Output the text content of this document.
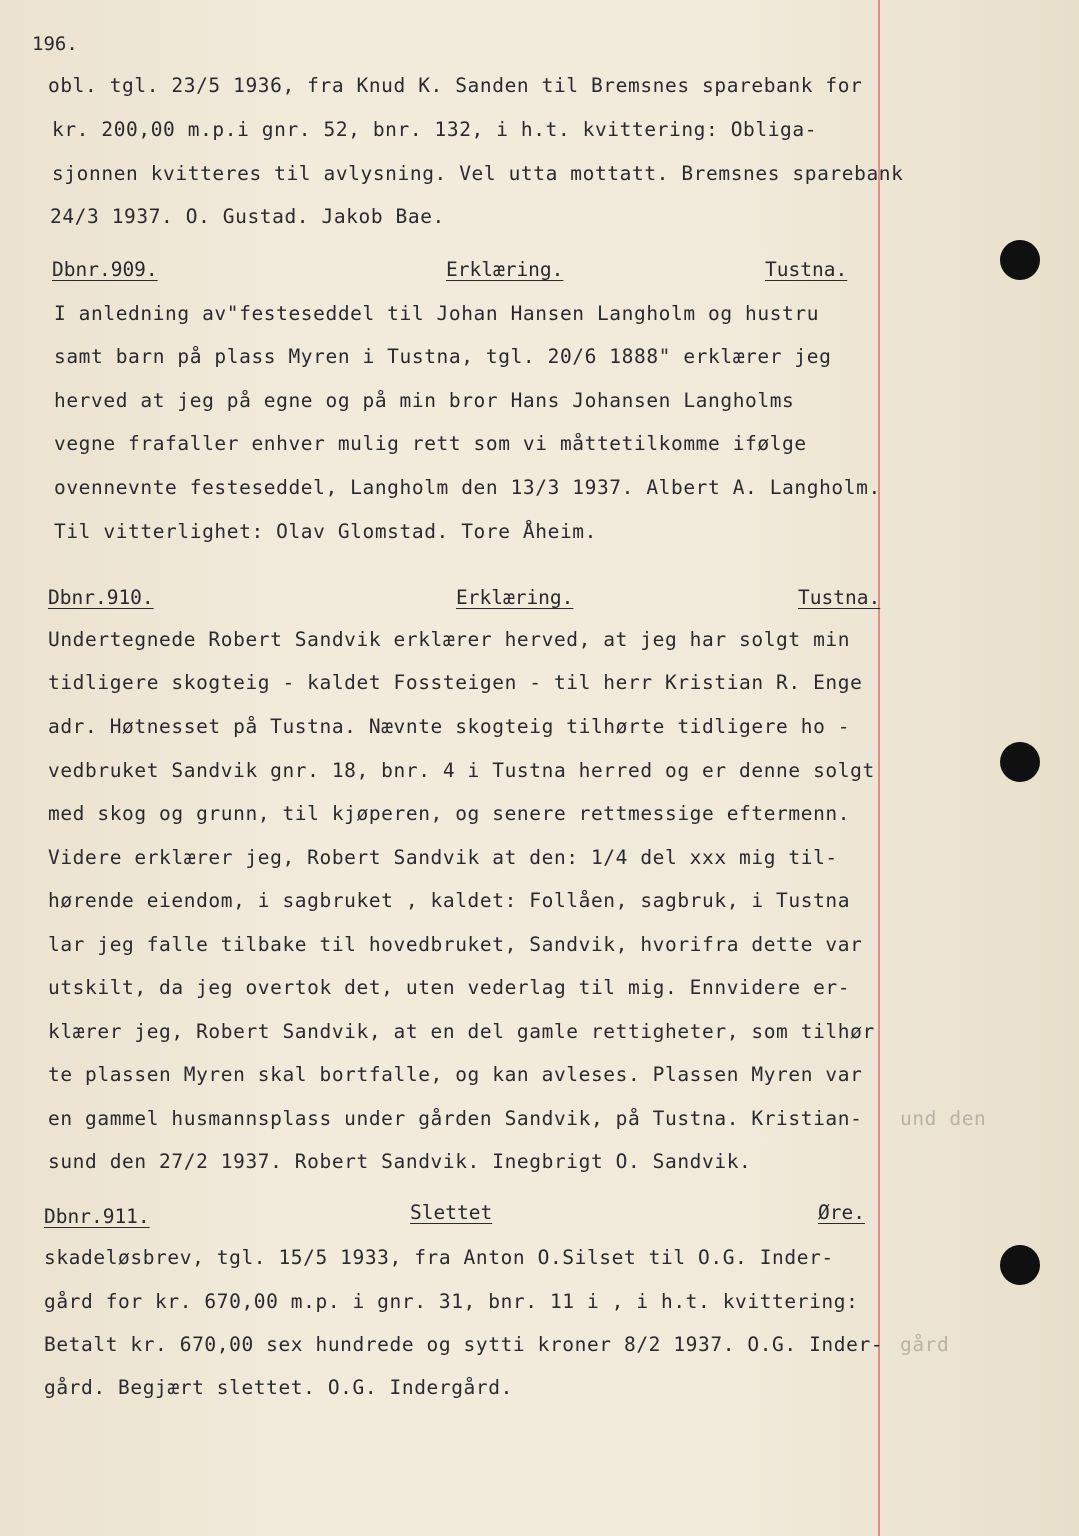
196.
obl. tgl. 23/5 1936, fra Knud K. Sanden til Bremsnes sparebank for
kr. 200,00 m.p.i gnr. 52, bnr. 132, i h.t. kvittering: Obliga-
sjonnen kvitteres til avlysning. Vel utta mottatt. Bremsnes sparebank
24/3 1937. O. Gustad. Jakob Bae.
Dbnr.909.	Erklæring.	Tustna.
I anledning av"festeseddel til Johan Hansen Langholm og hustru
samt barn på plass Myren i Tustna, tgl. 20/6 1888" erklærer jeg
herved at jeg på egne og på min bror Hans Johansen Langholms
vegne frafaller enhver mulig rett som vi måttetilkomme ifølge
ovennevnte festeseddel, Langholm den 13/3 1937. Albert A. Langholm.
Til vitterlighet: Olav Glomstad. Tore Åheim.
Dbnr.910.	Erklæring.	Tustna.
Undertegnede Robert Sandvik erklærer herved, at jeg har solgt min
tidligere skogteig - kaldet Fossteigen - til herr Kristian R. Enge
adr. Høtnesset på Tustna. Nævnte skogteig tilhørte tidligere ho -
vedbruket Sandvik gnr. 18, bnr. 4 i Tustna herred og er denne solgt
med skog og grunn, til kjøperen, og senere rettmessige eftermenn.
Videre erklærer jeg, Robert Sandvik at den: 1/4 del xxx mig til-
hørende eiendom, i sagbruket , kaldet: Follåen, sagbruk, i Tustna
lar jeg falle tilbake til hovedbruket, Sandvik, hvorifra dette var
utskilt, da jeg overtok det, uten vederlag til mig. Ennvidere er-
klærer jeg, Robert Sandvik, at en del gamle rettigheter, som tilhør
te plassen Myren skal bortfalle, og kan avleses. Plassen Myren var
en gammel husmannsplass under gården Sandvik, på Tustna. Kristian- und den
sund den 27/2 1937. Robert Sandvik. Inegbrigt O. Sandvik.
Dbnr.911.	Slettet	Øre.
skadeløsbrev, tgl. 15/5 1933, fra Anton O.Silset til O.G. Inder-
gård for kr. 670,00 m.p. i gnr. 31, bnr. 11 i , i h.t. kvittering:
Betalt kr. 670,00 sex hundrede og sytti kroner 8/2 1937. O.G. Inder- gård
gård. Begjært slettet. O.G. Indergård.
